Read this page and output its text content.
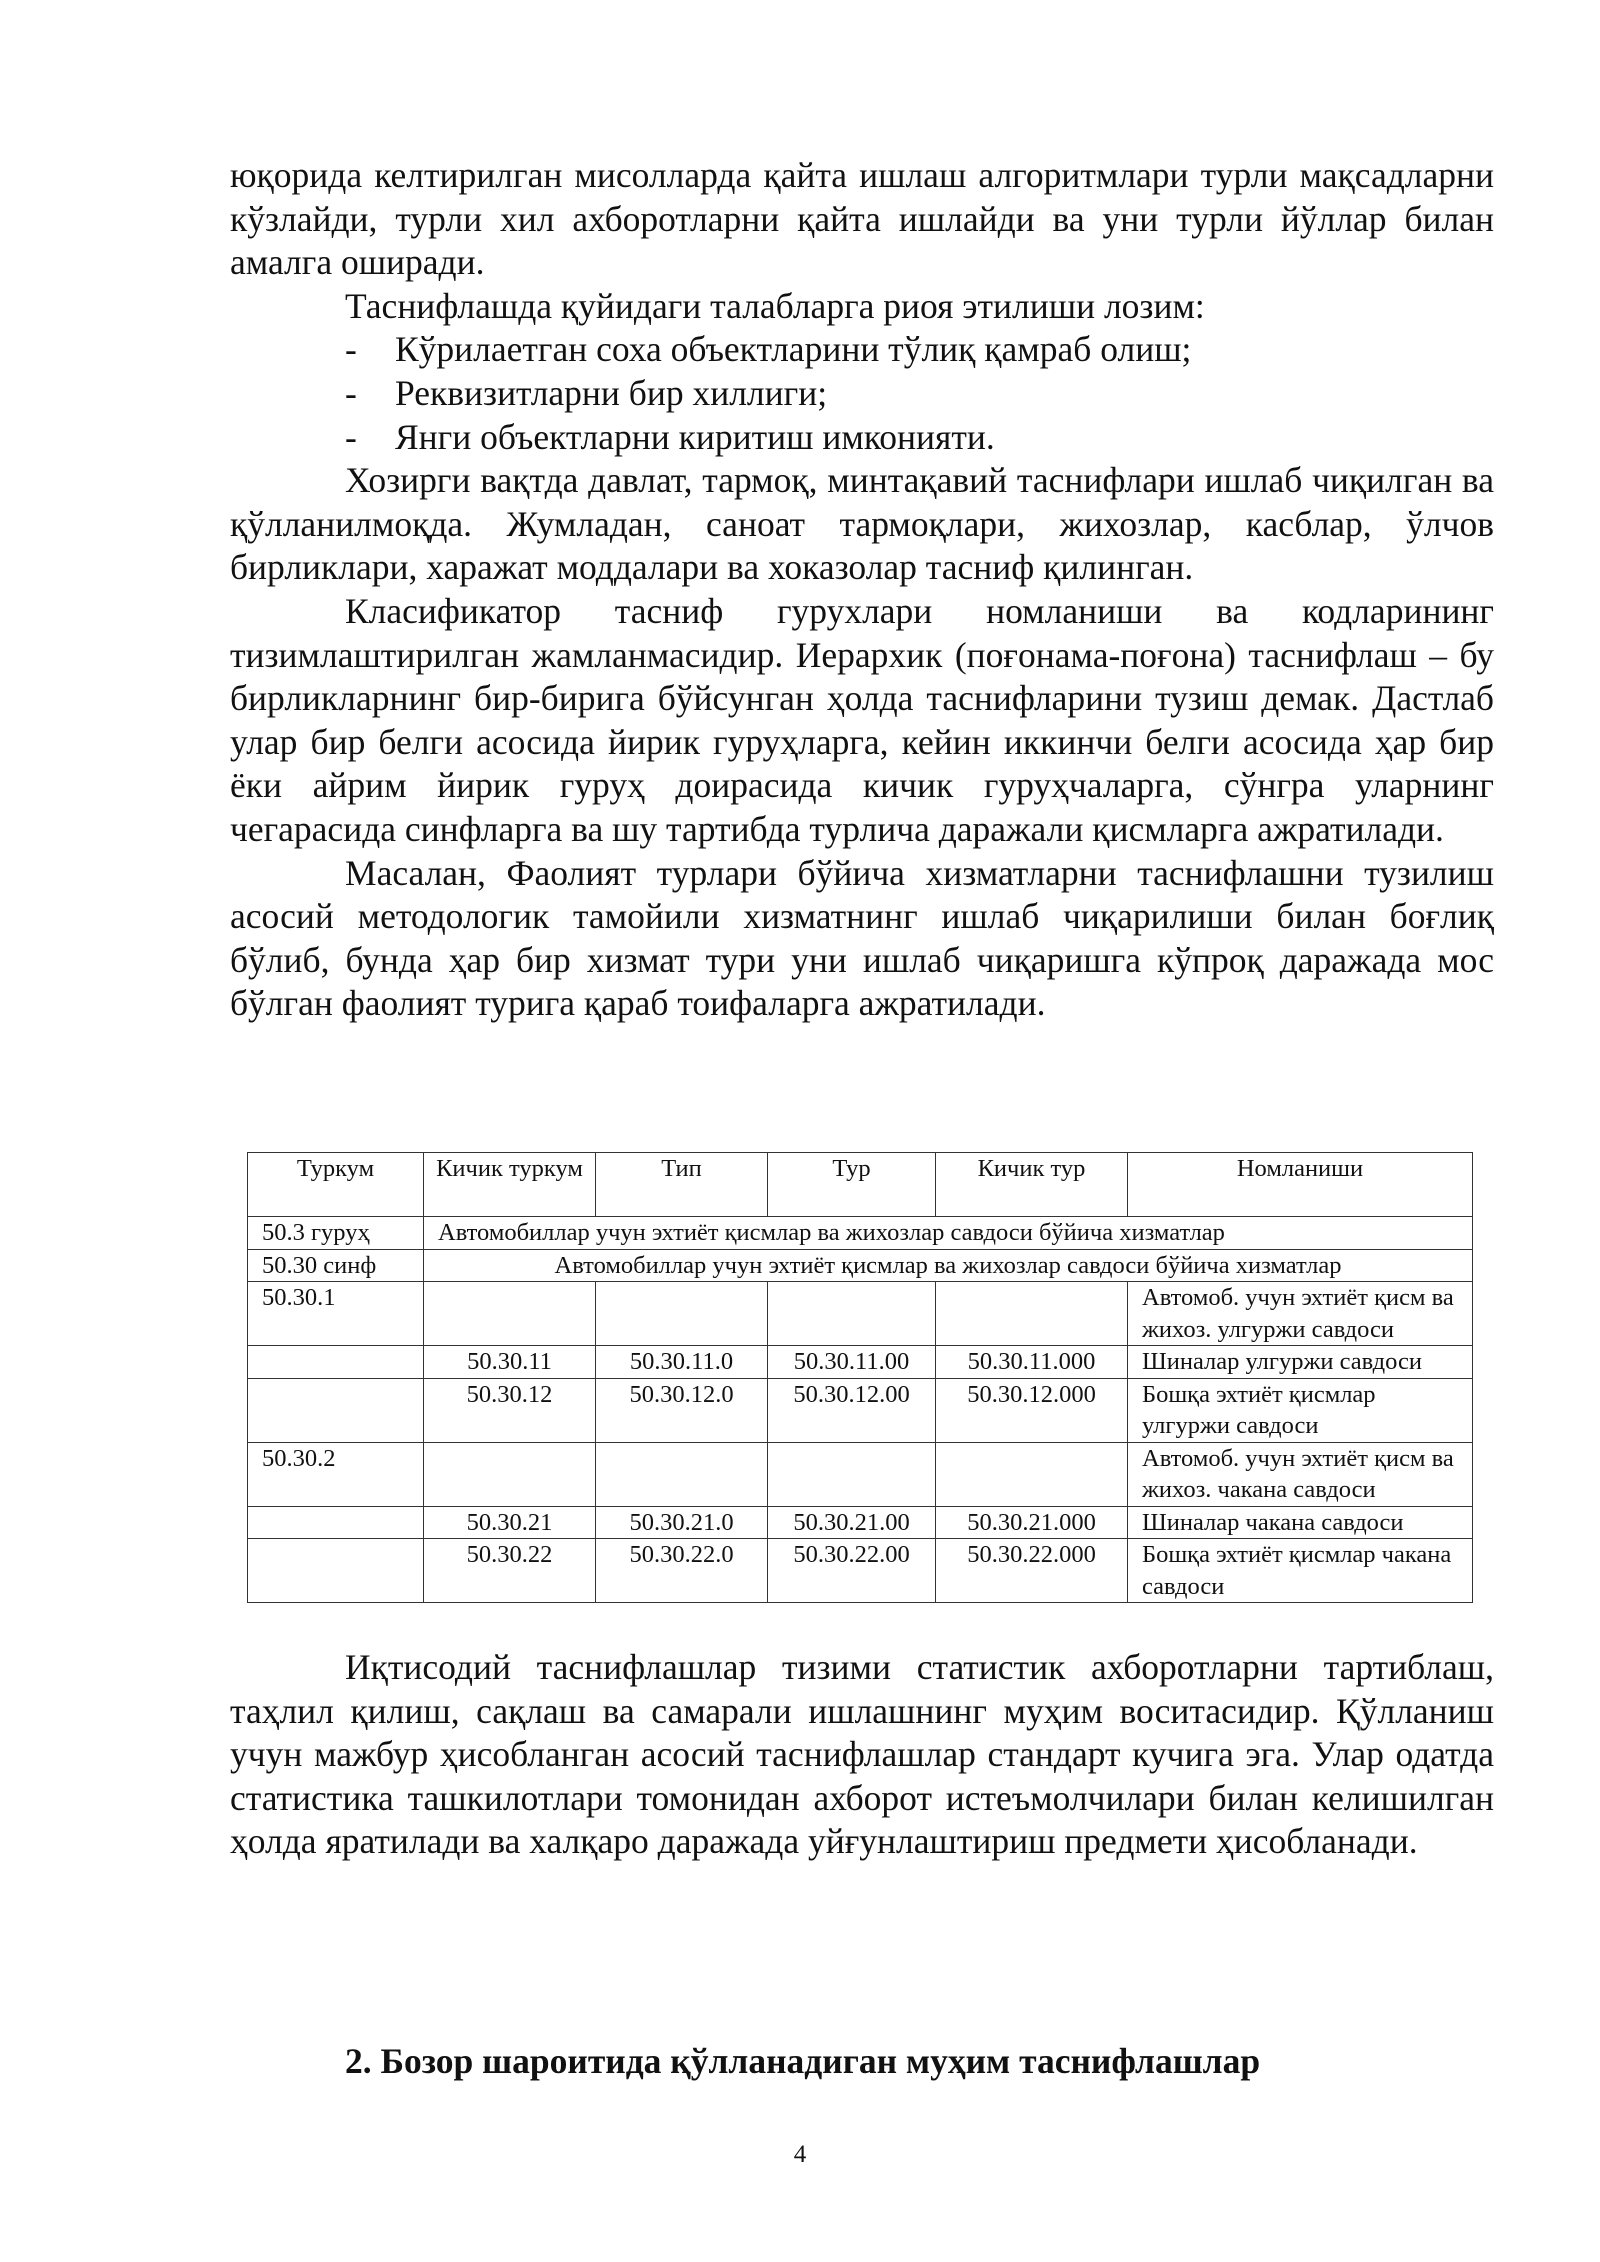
юқорида келтирилган мисолларда қайта ишлаш алгоритмлари турли мақсадларни кўзлайди, турли хил ахборотларни қайта ишлайди ва уни турли йўллар билан амалга оширади.

Таснифлашда қуйидаги талабларга риоя этилиши лозим:

- Кўрилаетган соха объектларини тўлиқ қамраб олиш;
- Реквизитларни бир хиллиги;
- Янги объектларни киритиш имконияти.

Хозирги вақтда давлат, тармоқ, минтақавий таснифлари ишлаб чиқилган ва қўлланилмоқда. Жумладан, саноат тармоқлари, жихозлар, касблар, ўлчов бирликлари, харажат моддалари ва хоказолар тасниф қилинган.

Класификатор тасниф гурухлари номланиши ва кодларининг тизимлаштирилган жамланмасидир. Иерархик (поғонама-поғона) таснифлаш – бу бирликларнинг бир-бирига бўйсунган ҳолда таснифларини тузиш демак. Дастлаб улар бир белги асосида йирик гуруҳларга, кейин иккинчи белги асосида ҳар бир ёки айрим йирик гуруҳ доирасида кичик гуруҳчаларга, сўнгра уларнинг чегарасида синфларга ва шу тартибда турлича даражали қисмларга ажратилади.

Масалан, Фаолият турлари бўйича хизматларни таснифлашни тузилиш асосий методологик тамойили хизматнинг ишлаб чиқарилиши билан боғлиқ бўлиб, бунда ҳар бир хизмат тури уни ишлаб чиқаришга кўпроқ даражада мос бўлган фаолият турига қараб тоифаларга ажратилади.

Туркум	Кичик туркум	Тип	Тур	Кичик тур	Номланиши
50.3 гуруҳ	Автомобиллар учун эхтиёт қисмлар ва жихозлар савдоси бўйича хизматлар				
50.30 синф	Автомобиллар учун эхтиёт қисмлар ва жихозлар савдоси бўйича хизматлар				
50.30.1					Автомоб. учун эхтиёт қисм ва жихоз. улгуржи савдоси
	50.30.11	50.30.11.0	50.30.11.00	50.30.11.000	Шиналар улгуржи савдоси
	50.30.12	50.30.12.0	50.30.12.00	50.30.12.000	Бошқа эхтиёт қисмлар улгуржи савдоси
50.30.2					Автомоб. учун эхтиёт қисм ва жихоз. чакана савдоси
	50.30.21	50.30.21.0	50.30.21.00	50.30.21.000	Шиналар чакана савдоси
	50.30.22	50.30.22.0	50.30.22.00	50.30.22.000	Бошқа эхтиёт қисмлар чакана савдоси

Иқтисодий таснифлашлар тизими статистик ахборотларни тартиблаш, таҳлил қилиш, сақлаш ва самарали ишлашнинг муҳим воситасидир. Қўлланиш учун мажбур ҳисобланган асосий таснифлашлар стандарт кучига эга. Улар одатда статистика ташкилотлари томонидан ахборот истеъмолчилари билан келишилган ҳолда яратилади ва халқаро даражада уйғунлаштириш предмети ҳисобланади.

2. Бозор шароитида қўлланадиган муҳим таснифлашлар
4
